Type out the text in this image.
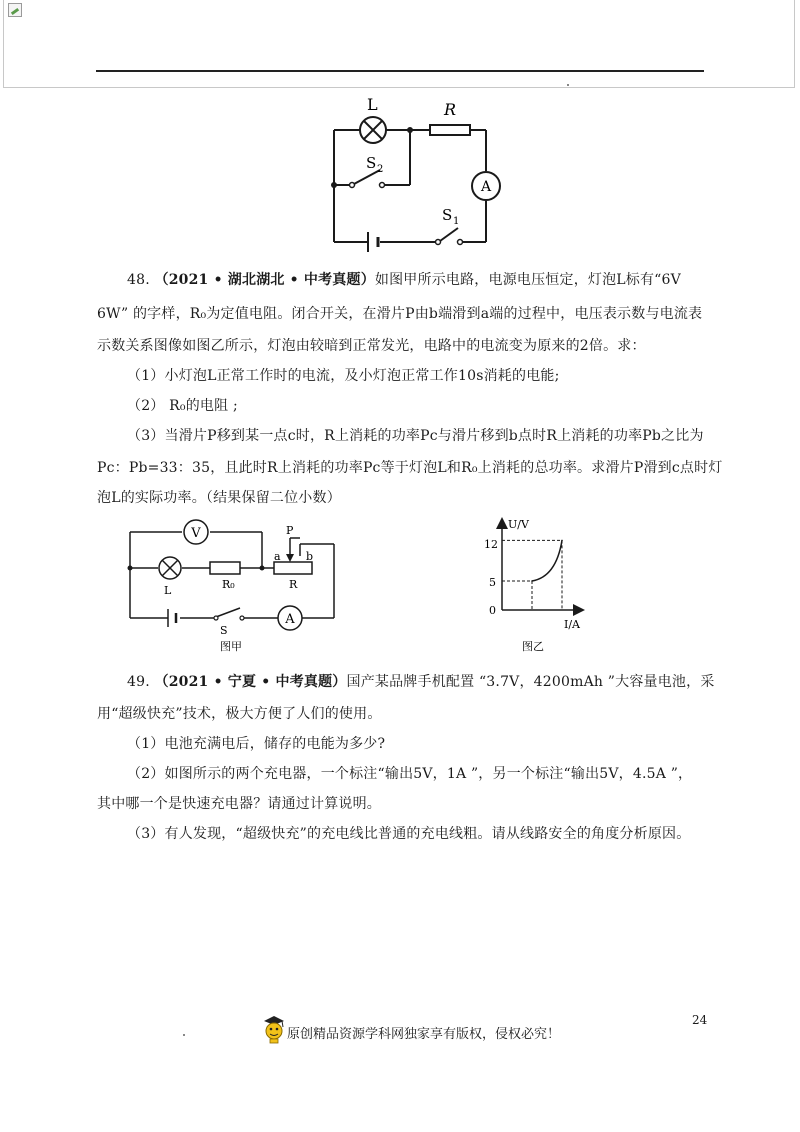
A
L	R
S 2
S 1
48. （2021 • 湖北湖北 • 中考真题）如图甲所示电路，电源电压恒定，灯泡L标有“6V
6W” 的字样，R₀为定值电阻。闭合开关，在滑片P由b端滑到a端的过程中，电压表示数与电流表
示数关系图像如图乙所示，灯泡由较暗到正常发光，电路中的电流变为原来的2倍。求：
（1）小灯泡L正常工作时的电流，及小灯泡正常工作10s消耗的电能;
（2） R₀的电阻 ;
（3）当滑片P移到某一点c时，R上消耗的功率Pc与滑片移到b点时R上消耗的功率Pb之比为
Pc：Pb=33：35，且此时R上消耗的功率Pc等于灯泡L和R₀上消耗的总功率。求滑片P滑到c点时灯
泡L的实际功率。（结果保留二位小数）
V
A
L	R₀	R
P
a b
S
图甲
U/V
I/A
12
5
0
图乙
49. （2021 • 宁夏 • 中考真题）国产某品牌手机配置 “3.7V，4200mAh ”大容量电池，采
用“超级快充”技术，极大方便了人们的使用。
（1）电池充满电后，储存的电能为多少?
（2）如图所示的两个充电器，一个标注“输出5V，1A ”，另一个标注“输出5V，4.5A ”，
其中哪一个是快速充电器？请通过计算说明。
（3）有人发现，“超级快充”的充电线比普通的充电线粗。请从线路安全的角度分析原因。
24
原创精品资源学科网独家享有版权，侵权必究！
